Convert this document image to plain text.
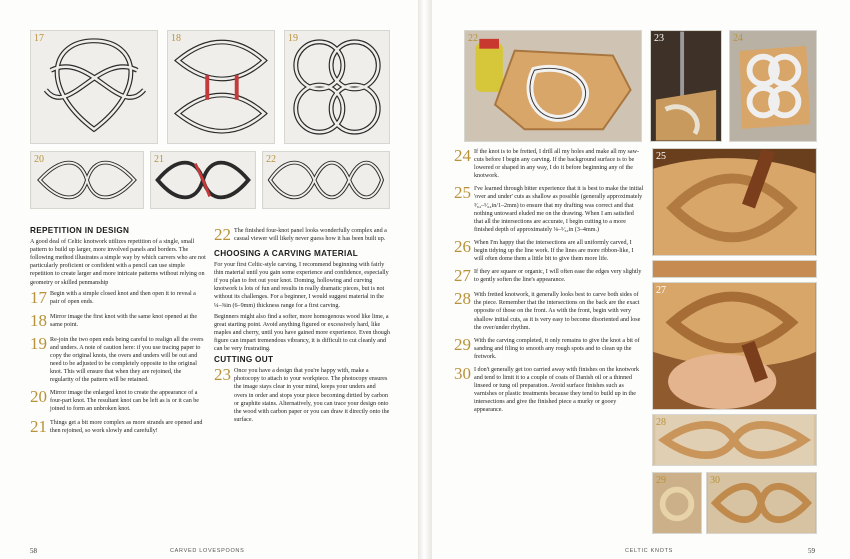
17	18	19
20	21	22
REPETITION IN DESIGN

A good deal of Celtic knotwork utilizes repetition of a single, small pattern to build up larger, more involved panels and borders. The following method illustrates a simple way by which carvers who are not particularly proficient or confident with a pencil can use simple repetition to create larger and more intricate patterns without relying on geometry or skilled penmanship

17 Begin with a simple closed knot and then open it to reveal a pair of open ends.
18 Mirror image the first knot with the same knot opened at the same point.
19 Re-join the two open ends being careful to realign all the overs and unders. A note of caution here: if you use tracing paper to copy the original knots, the overs and unders will be out and need to be adjusted to be completely opposite to the original knot. This will ensure that when they are rejoined, the regularity of the pattern will be retained.
20 Mirror image the enlarged knot to create the appearance of a four-part knot. The resultant knot can be left as is or it can be joined to form an unbroken knot.
21 Things get a bit more complex as more strands are opened and then rejoined, so work slowly and carefully!
22 The finished four-knot panel looks wonderfully complex and a casual viewer will likely never guess how it has been built up.
CHOOSING A CARVING MATERIAL

For your first Celtic-style carving, I recommend beginning with fairly thin material until you gain some experience and confidence, especially if you plan to fret out your knot. Doming, hollowing and curving knotwork is lots of fun and results in really dramatic pieces, but is not without its challenges. For a beginner, I would suggest material in the ¼–⅜in (6–9mm) thickness range for a first carving.

Beginners might also find a softer, more homogenous wood like lime, a great starting point. Avoid anything figured or excessively hard, like maples and cherry, until you have gained more experience. Even though figure can impart tremendous vibrancy, it is difficult to cut cleanly and can be very frustrating.

CUTTING OUT
23 Once you have a design that you're happy with, make a photocopy to attach to your workpiece. The photocopy ensures the image stays clear in your mind, keeps your unders and overs in order and stops your piece becoming dirtied by carbon or graphite stains. Alternatively, you can trace your design onto the wood with carbon paper or you can draw it directly onto the surface.
58	CARVED LOVESPOONS
22	23	24
25
27
28
29	30
24 If the knot is to be fretted, I drill all my holes and make all my saw-cuts before I begin any carving. If the background surface is to be lowered or shaped in any way, I do it before beginning any of the knotwork.
25 I've learned through bitter experience that it is best to make the initial 'over and under' cuts as shallow as possible (generally approximately ³⁄₆₄–⁵⁄₆₄in/1–2mm) to ensure that my drafting was correct and that nothing untoward eluded me on the drawing. When I am satisfied that all the intersections are accurate, I begin cutting to a more finished depth of approximately ⅛–⁵⁄₃₂in (3–4mm.)
26 When I'm happy that the intersections are all uniformly carved, I begin tidying up the line work. If the lines are more ribbon-like, I will often dome them a little bit to give them more life.
27 If they are square or organic, I will often ease the edges very slightly to gently soften the line's appearance.
28 With fretted knotwork, it generally looks best to carve both sides of the piece. Remember that the intersections on the back are the exact opposite of those on the front. As with the front, begin with very shallow initial cuts, as it is very easy to become disoriented and lose the over/under rhythm.
29 With the carving completed, it only remains to give the knot a bit of sanding and filing to smooth any rough spots and to clean up the fretwork.
30 I don't generally get too carried away with finishes on the knotwork and tend to limit it to a couple of coats of Danish oil or a thinned linseed or tung oil preparation. Avoid surface finishes such as varnishes or plastic treatments because they tend to build up in the intersections and give the finished piece a murky or gooey appearance.
CELTIC KNOTS	59
